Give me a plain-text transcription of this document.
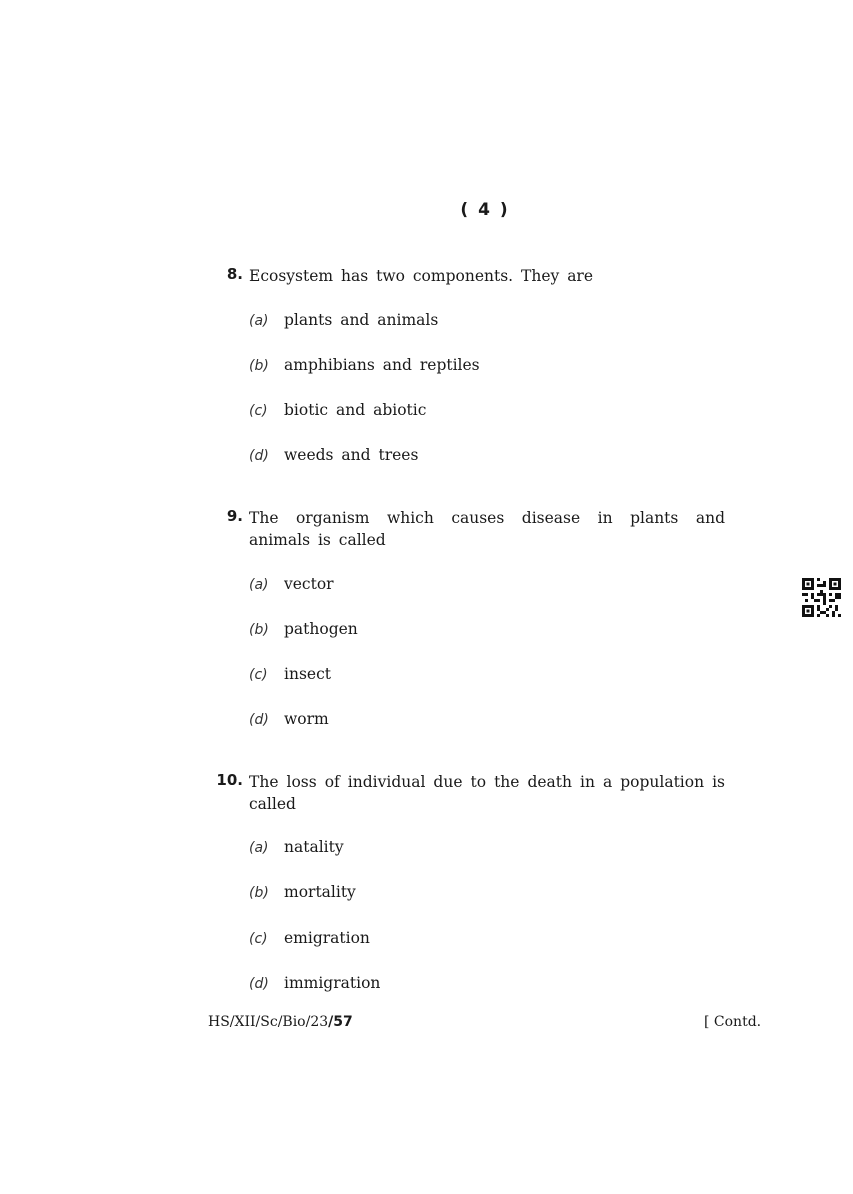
( 4 )
8. Ecosystem has two components. They are
(a) plants and animals
(b) amphibians and reptiles
(c) biotic and abiotic
(d) weeds and trees
9. The organism which causes disease in plants and animals is called
(a) vector
(b) pathogen
(c) insect
(d) worm
10. The loss of individual due to the death in a population is called
(a) natality
(b) mortality
(c) emigration
(d) immigration
HS/XII/Sc/Bio/23/57	[ Contd.
